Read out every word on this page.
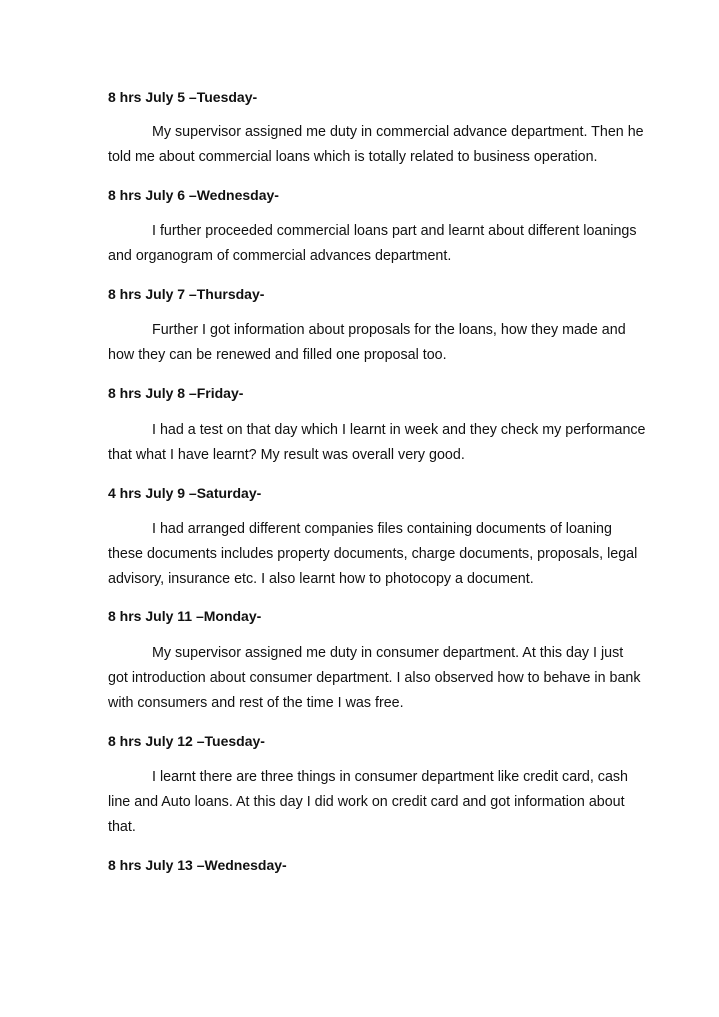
8 hrs July 5 –Tuesday-
My supervisor assigned me duty in commercial advance department. Then he
told me about commercial loans which is totally related to business operation.
8 hrs July 6 –Wednesday-
I further proceeded commercial loans part and learnt about different loanings
and organogram of commercial advances department.
8 hrs July 7 –Thursday-
Further I got information about proposals for the loans, how they made and
how they can be renewed and filled one proposal too.
8 hrs July 8 –Friday-
I had a test on that day which I learnt in week and they check my performance
that what I have learnt? My result was overall very good.
4 hrs July 9 –Saturday-
I had arranged different companies files containing documents of loaning
these documents includes property documents, charge documents, proposals, legal
advisory, insurance etc. I also learnt how to photocopy a document.
8 hrs July 11 –Monday-
My supervisor assigned me duty in consumer department. At this day I just
got introduction about consumer department. I also observed how to behave in bank
with consumers and rest of the time I was free.
8 hrs July 12 –Tuesday-
I learnt there are three things in consumer department like credit card, cash
line and Auto loans. At this day I did work on credit card and got information about
that.
8 hrs July 13 –Wednesday-
